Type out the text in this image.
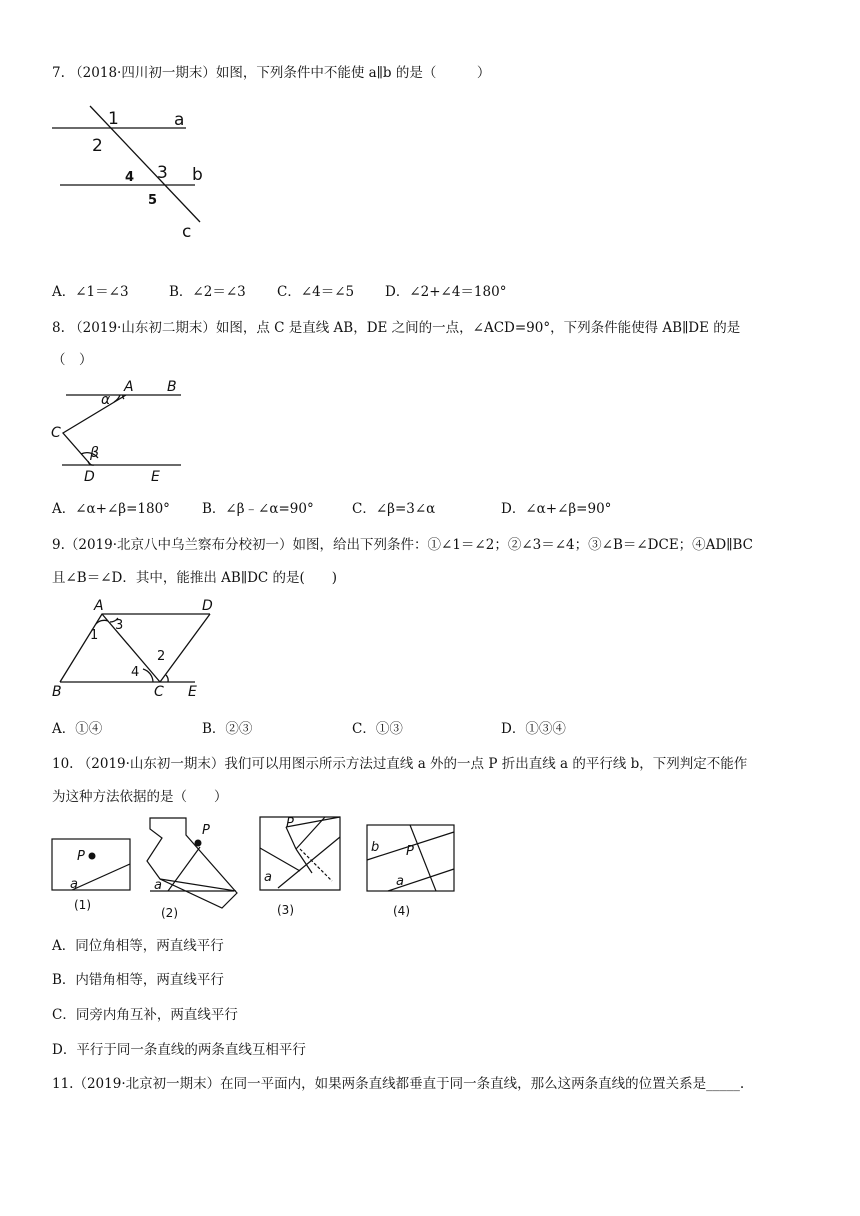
7. （2018·四川初一期末）如图，下列条件中不能使 a∥b 的是（　　　）
1	a
2
3 b
c
4
5
A．∠1＝∠3	B．∠2＝∠3 C．∠4＝∠5 D．∠2+∠4＝180°
8. （2019·山东初二期末）如图，点 C 是直线 AB，DE 之间的一点，∠ACD=90°，下列条件能使得 AB∥DE 的是
（　）
A B
α
C
β
D	E
A．∠α+∠β=180° B．∠β﹣∠α=90°	C．∠β=3∠α	D．∠α+∠β=90°
9.（2019·北京八中乌兰察布分校初一）如图，给出下列条件：①∠1＝∠2；②∠3＝∠4；③∠B＝∠DCE；④AD∥BC
且∠B＝∠D．其中，能推出 AB∥DC 的是(　　)
A	D
B	C E
1
3
4
2
A．①④	B．②③	C．①③	D．①③④
10. （2019·山东初一期末）我们可以用图示所示方法过直线 a 外的一点 P 折出直线 a 的平行线 b，下列判定不能作
为这种方法依据的是（　　）
P
a
P
a
P
a
b P
a
(1)
(2)	(3)	(4)
A．同位角相等，两直线平行
B．内错角相等，两直线平行
C．同旁内角互补，两直线平行
D．平行于同一条直线的两条直线互相平行
11.（2019·北京初一期末）在同一平面内，如果两条直线都垂直于同一条直线，那么这两条直线的位置关系是_____.
